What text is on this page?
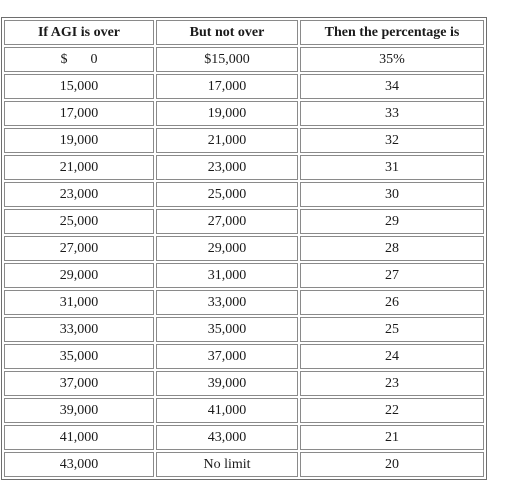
If AGI is over	But not over	Then the percentage is
$ 0	$15,000	35%
15,000	17,000	34
17,000	19,000	33
19,000	21,000	32
21,000	23,000	31
23,000	25,000	30
25,000	27,000	29
27,000	29,000	28
29,000	31,000	27
31,000	33,000	26
33,000	35,000	25
35,000	37,000	24
37,000	39,000	23
39,000	41,000	22
41,000	43,000	21
43,000	No limit	20
